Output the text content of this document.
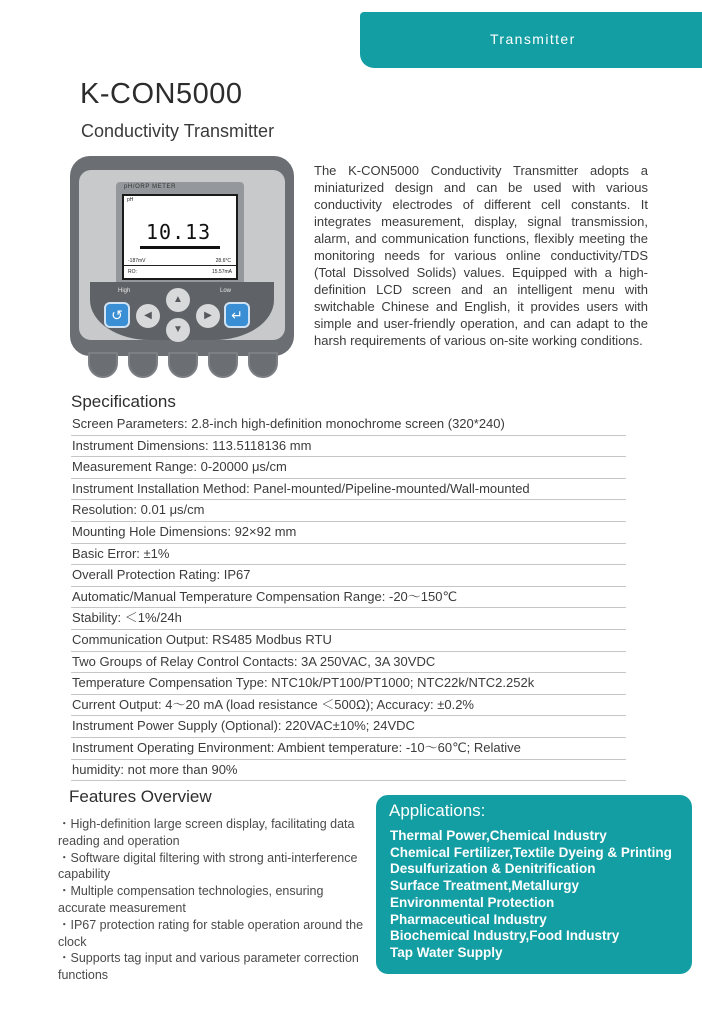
Transmitter
K-CON5000
Conductivity Transmitter
pH/ORP METER
pH
10.13
-187mV	28.6°C
RO:	15.57mA
High	Low
↺	◀
▲
▼
▶	↵

The K-CON5000 Conductivity Transmitter adopts a miniaturized design and can be used with various conductivity electrodes of different cell constants. It integrates measurement, display, signal transmission, alarm, and communication functions, flexibly meeting the monitoring needs for various online conductivity/TDS (Total Dissolved Solids) values. Equipped with a high-definition LCD screen and an intelligent menu with switchable Chinese and English, it provides users with simple and user-friendly operation, and can adapt to the harsh requirements of various on-site working conditions.

Specifications
Screen Parameters: 2.8-inch high-definition monochrome screen (320*240)
Instrument Dimensions: 113.5118136 mm
Measurement Range: 0-20000 μs/cm
Instrument Installation Method: Panel-mounted/Pipeline-mounted/Wall-mounted
Resolution: 0.01 μs/cm
Mounting Hole Dimensions: 92×92 mm
Basic Error: ±1%
Overall Protection Rating: IP67
Automatic/Manual Temperature Compensation Range: -20～150℃
Stability: ＜1%/24h
Communication Output: RS485 Modbus RTU
Two Groups of Relay Control Contacts: 3A 250VAC, 3A 30VDC
Temperature Compensation Type: NTC10k/PT100/PT1000; NTC22k/NTC2.252k
Current Output: 4～20 mA (load resistance ＜500Ω); Accuracy: ±0.2%
Instrument Power Supply (Optional): 220VAC±10%; 24VDC
Instrument Operating Environment: Ambient temperature: -10～60℃; Relative
humidity: not more than 90%
Features Overview

・High-definition large screen display, facilitating data reading and operation

・Software digital filtering with strong anti-interference capability

・Multiple compensation technologies, ensuring accurate measurement

・IP67 protection rating for stable operation around the clock

・Supports tag input and various parameter correction functions

Applications:
Thermal Power,Chemical Industry
Chemical Fertilizer,Textile Dyeing & Printing
Desulfurization & Denitrification
Surface Treatment,Metallurgy
Environmental Protection
Pharmaceutical Industry
Biochemical Industry,Food Industry
Tap Water Supply
